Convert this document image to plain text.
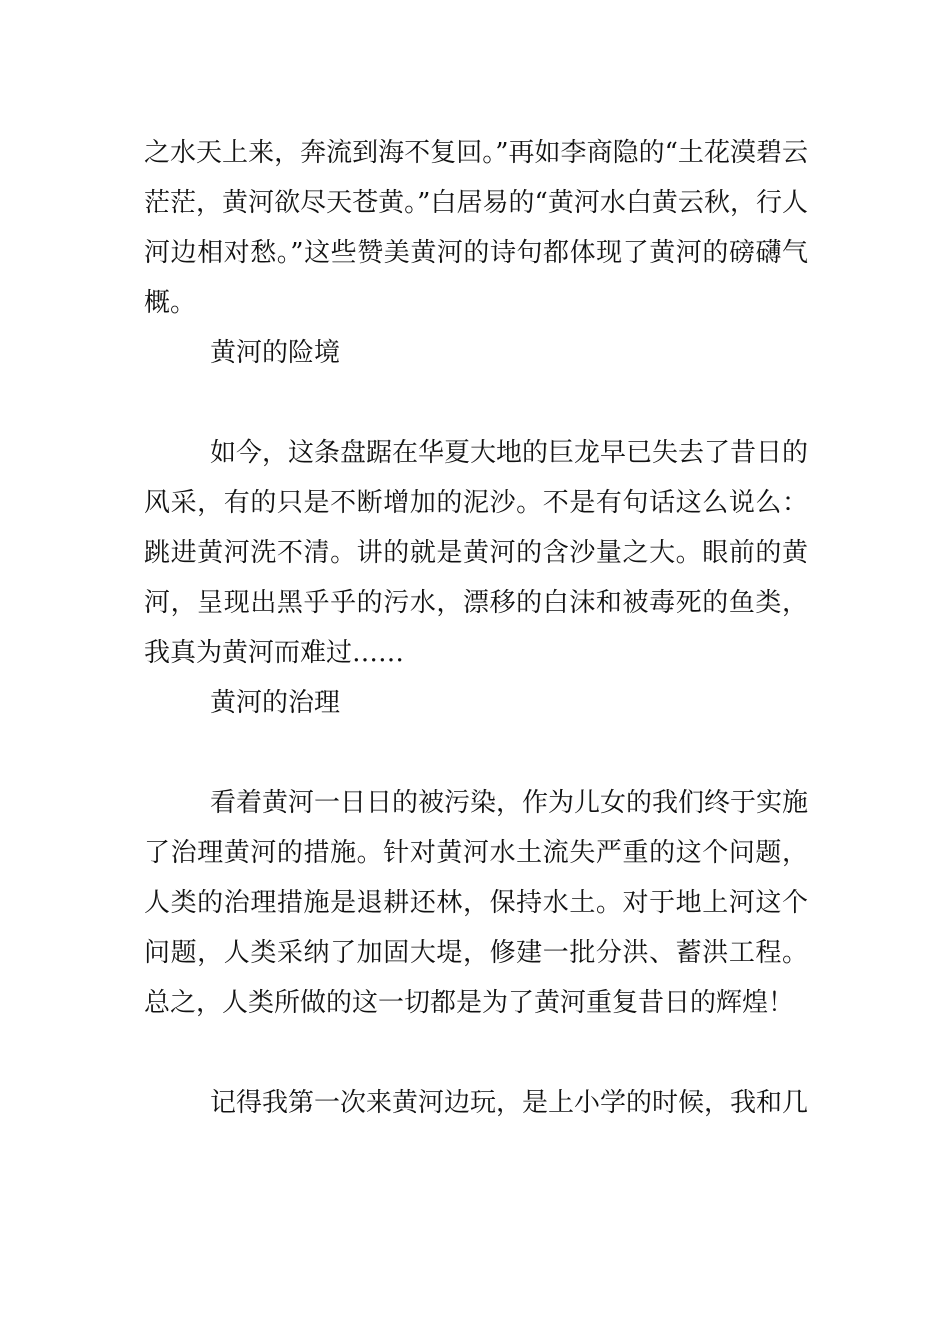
之水天上来，奔流到海不复回。”再如李商隐的“土花漠碧云茫茫，黄河欲尽天苍黄。”白居易的“黄河水白黄云秋，行人河边相对愁。”这些赞美黄河的诗句都体现了黄河的磅礴气概。

黄河的险境

如今，这条盘踞在华夏大地的巨龙早已失去了昔日的风采，有的只是不断增加的泥沙。不是有句话这么说么：跳进黄河洗不清。讲的就是黄河的含沙量之大。眼前的黄河，呈现出黑乎乎的污水，漂移的白沫和被毒死的鱼类，我真为黄河而难过……

黄河的治理

看着黄河一日日的被污染，作为儿女的我们终于实施了治理黄河的措施。针对黄河水土流失严重的这个问题，人类的治理措施是退耕还林，保持水土。对于地上河这个问题，人类采纳了加固大堤，修建一批分洪、蓄洪工程。总之，人类所做的这一切都是为了黄河重复昔日的辉煌！

记得我第一次来黄河边玩，是上小学的时候，我和几
